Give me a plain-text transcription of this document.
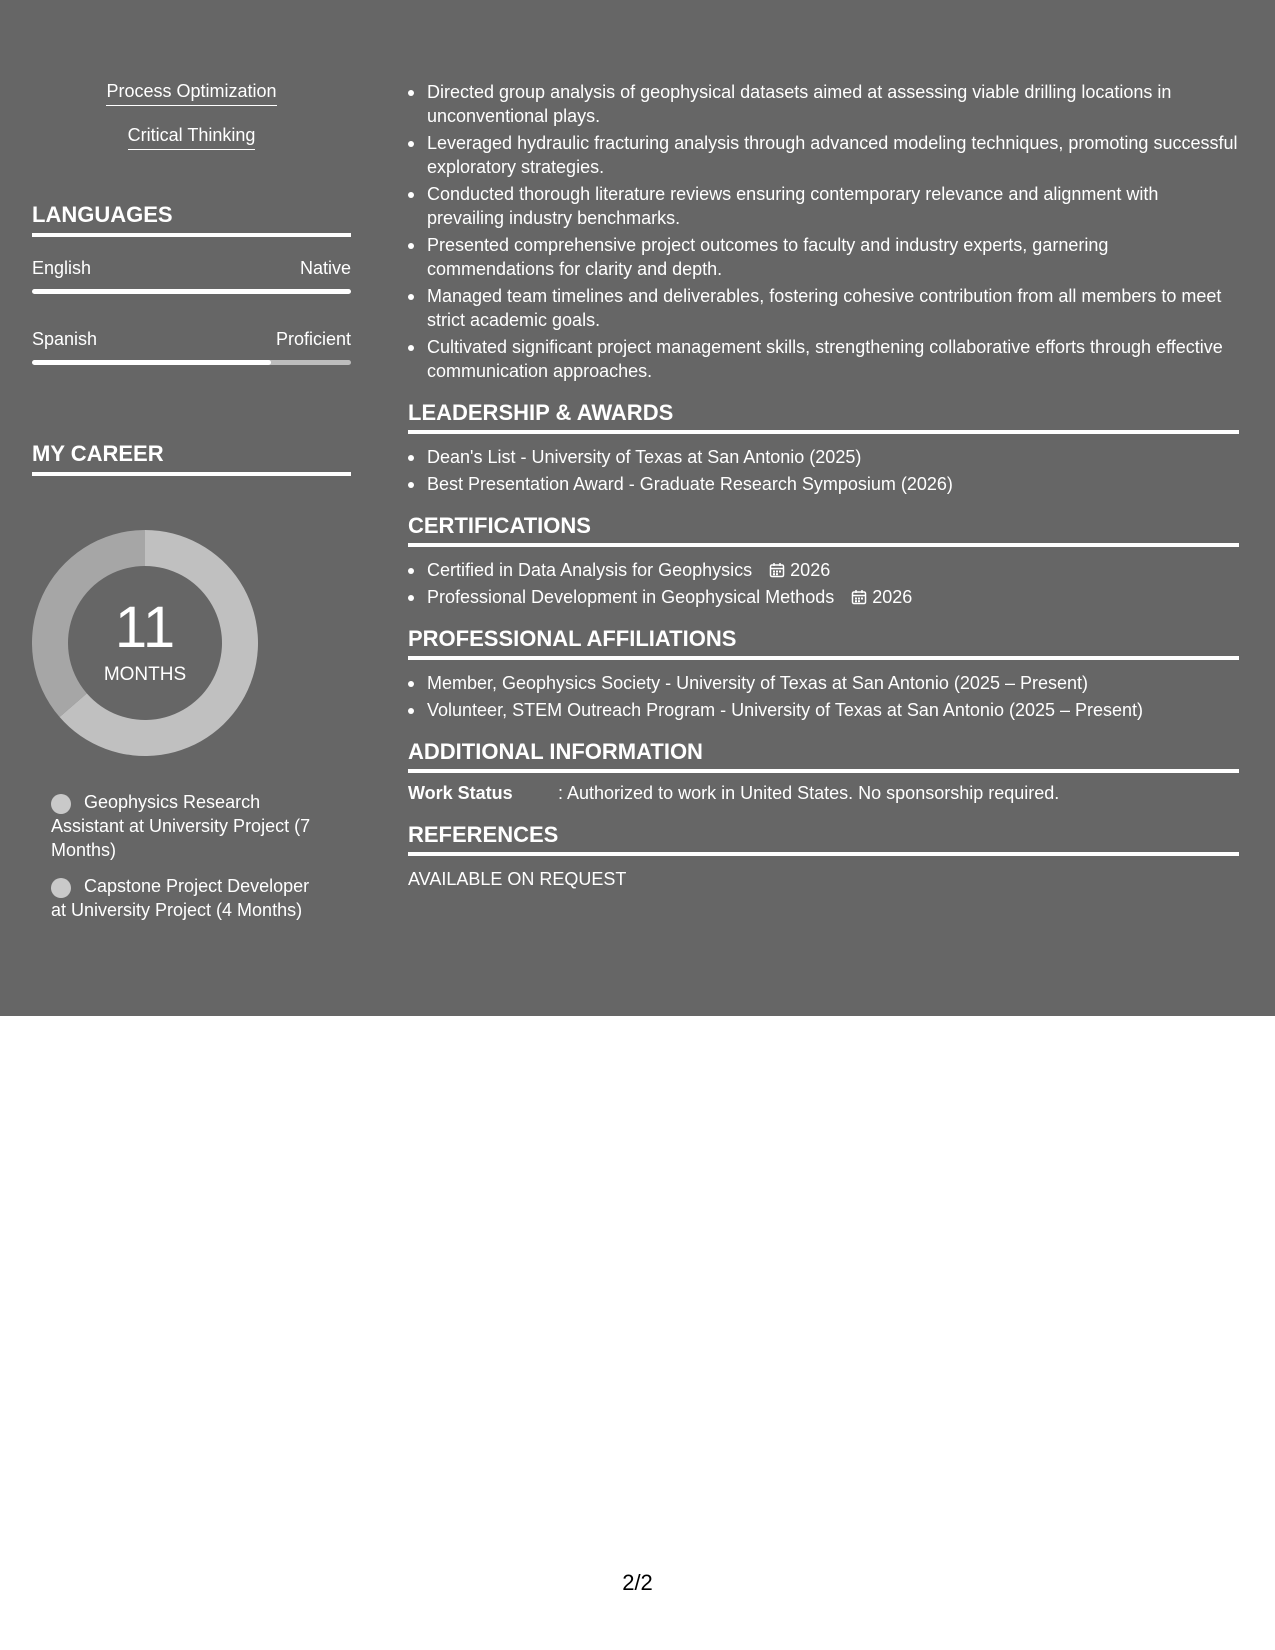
Process Optimization
Critical Thinking
LANGUAGES
English	Native
Spanish	Proficient
MY CAREER
11
MONTHS
Geophysics Research Assistant at University Project (7 Months)
Capstone Project Developer at University Project (4 Months)
Directed group analysis of geophysical datasets aimed at assessing viable drilling locations in unconventional plays.
Leveraged hydraulic fracturing analysis through advanced modeling techniques, promoting successful exploratory strategies.
Conducted thorough literature reviews ensuring contemporary relevance and alignment with prevailing industry benchmarks.
Presented comprehensive project outcomes to faculty and industry experts, garnering commendations for clarity and depth.
Managed team timelines and deliverables, fostering cohesive contribution from all members to meet strict academic goals.
Cultivated significant project management skills, strengthening collaborative efforts through effective communication approaches.
LEADERSHIP & AWARDS
Dean's List - University of Texas at San Antonio (2025)
Best Presentation Award - Graduate Research Symposium (2026)
CERTIFICATIONS
Certified in Data Analysis for Geophysics 2026
Professional Development in Geophysical Methods 2026
PROFESSIONAL AFFILIATIONS
Member, Geophysics Society - University of Texas at San Antonio (2025 – Present)
Volunteer, STEM Outreach Program - University of Texas at San Antonio (2025 – Present)
ADDITIONAL INFORMATION
Work Status	: Authorized to work in United States. No sponsorship required.
REFERENCES

AVAILABLE ON REQUEST

2/2
